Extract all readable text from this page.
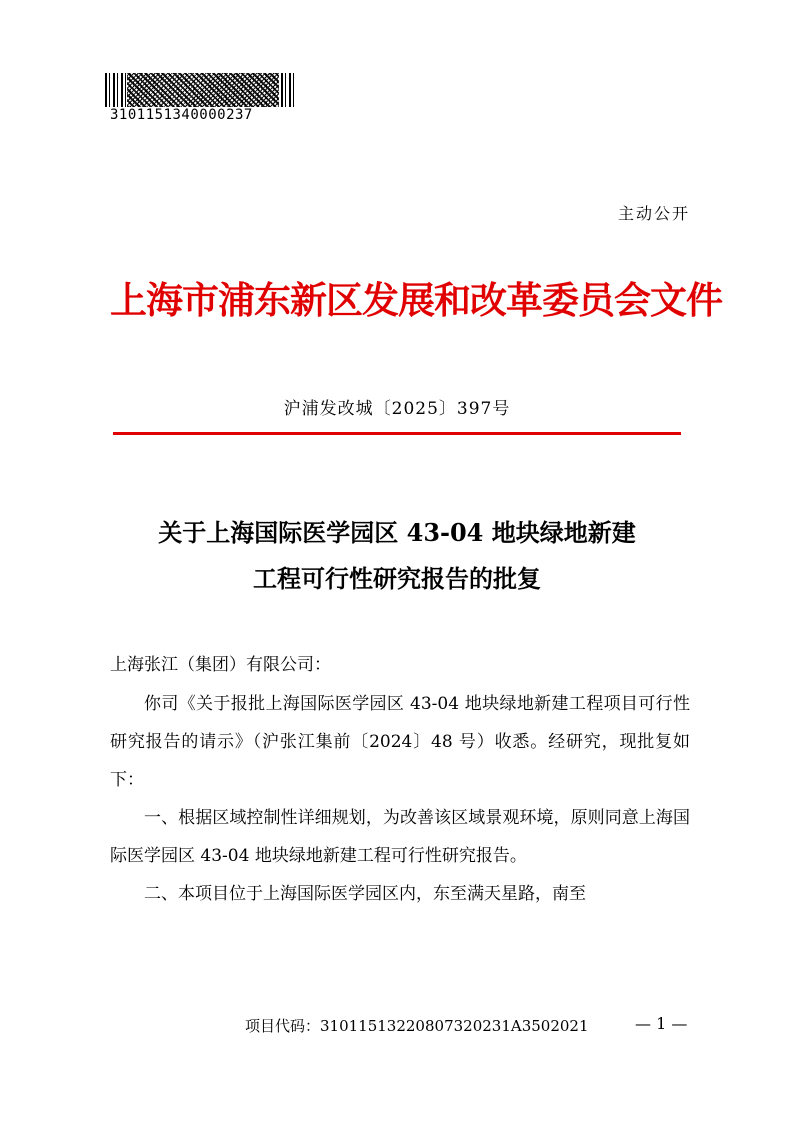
3101151340000237
主动公开
上海市浦东新区发展和改革委员会文件
沪浦发改城〔2025〕397号
关于上海国际医学园区 43-04 地块绿地新建
工程可行性研究报告的批复
上海张江（集团）有限公司：

你司《关于报批上海国际医学园区 43-04 地块绿地新建工程项目可行性研究报告的请示》（沪张江集前〔2024〕48 号）收悉。经研究，现批复如下：

一、根据区域控制性详细规划，为改善该区域景观环境，原则同意上海国际医学园区 43-04 地块绿地新建工程可行性研究报告。

二、本项目位于上海国际医学园区内，东至满天星路，南至

项目代码：31011513220807320231A3502021	— 1 —
